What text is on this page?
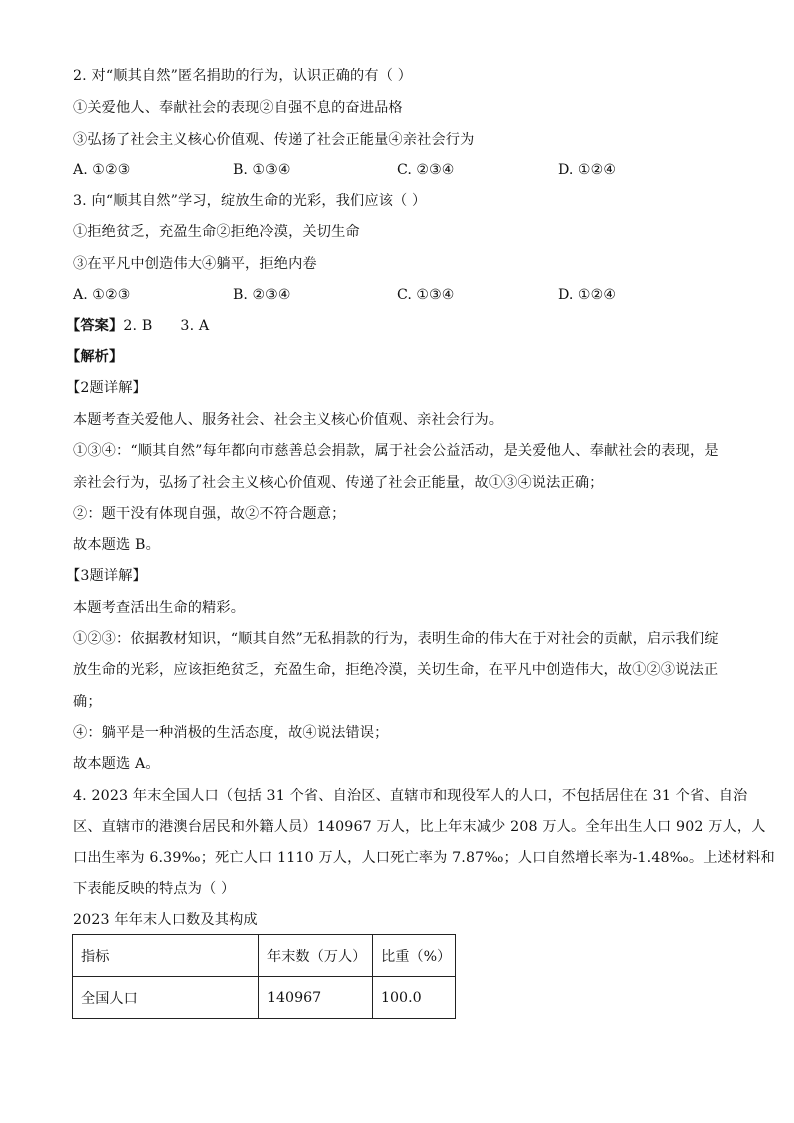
2. 对“顺其自然”匿名捐助的行为，认识正确的有（ ）
①关爱他人、奉献社会的表现②自强不息的奋进品格
③弘扬了社会主义核心价值观、传递了社会正能量④亲社会行为
A. ①②③	B. ①③④	C. ②③④	D. ①②④
3. 向“顺其自然”学习，绽放生命的光彩，我们应该（ ）
①拒绝贫乏，充盈生命②拒绝冷漠，关切生命
③在平凡中创造伟大④躺平，拒绝内卷
A. ①②③	B. ②③④	C. ①③④	D. ①②④
【答案】2. B      3. A
【解析】
【2题详解】
本题考查关爱他人、服务社会、社会主义核心价值观、亲社会行为。
①③④：“顺其自然”每年都向市慈善总会捐款，属于社会公益活动，是关爱他人、奉献社会的表现，是
亲社会行为，弘扬了社会主义核心价值观、传递了社会正能量，故①③④说法正确；
②：题干没有体现自强，故②不符合题意；
故本题选 B。
【3题详解】
本题考查活出生命的精彩。
①②③：依据教材知识，“顺其自然”无私捐款的行为，表明生命的伟大在于对社会的贡献，启示我们绽
放生命的光彩，应该拒绝贫乏，充盈生命，拒绝冷漠，关切生命，在平凡中创造伟大，故①②③说法正
确；
④：躺平是一种消极的生活态度，故④说法错误；
故本题选 A。
4. 2023 年末全国人口（包括 31 个省、自治区、直辖市和现役军人的人口，不包括居住在 31 个省、自治
区、直辖市的港澳台居民和外籍人员）140967 万人，比上年末减少 208 万人。全年出生人口 902 万人，人
口出生率为 6.39‰；死亡人口 1110 万人，人口死亡率为 7.87‰；人口自然增长率为-1.48‰。上述材料和
下表能反映的特点为（ ）
2023 年年末人口数及其构成
指标	年末数（万人）	比重（%）
全国人口	140967	100.0
